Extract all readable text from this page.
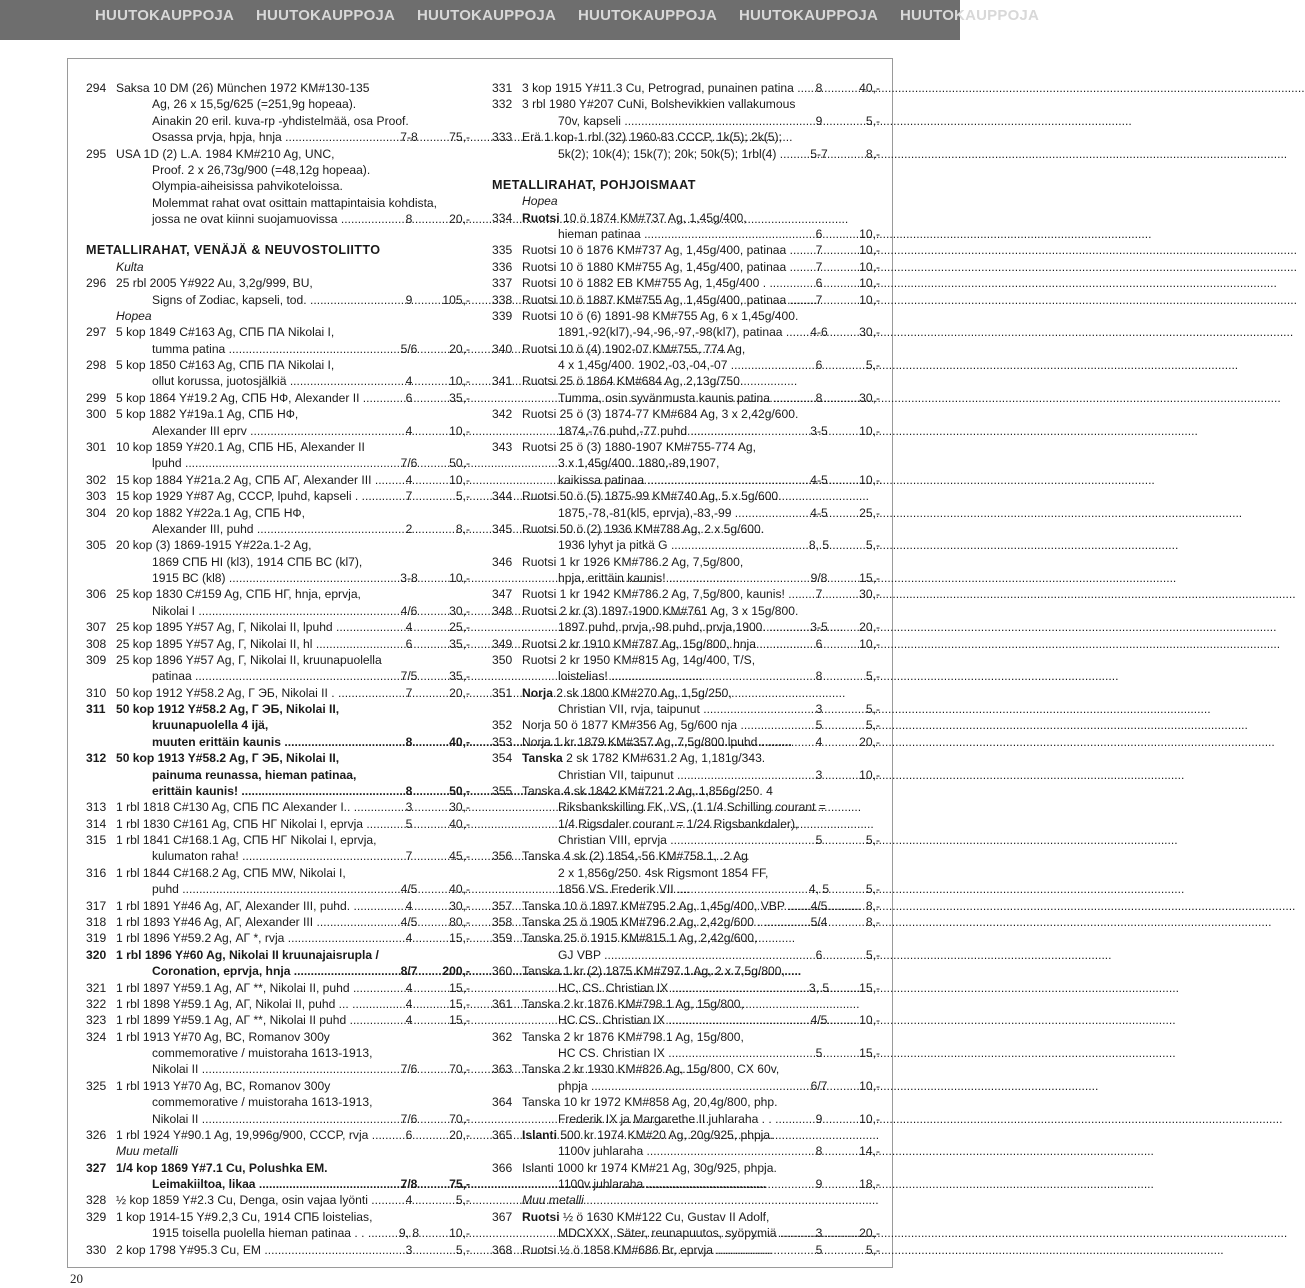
HUUTOKAUPPOJA HUUTOKAUPPOJA HUUTOKAUPPOJA HUUTOKAUPPOJA HUUTOKAUPPOJA HUUTOKAUPPOJA
294 Saksa 10 DM (26) München 1972 KM#130-135
Ag, 26 x 15,5g/625 (=251,9g hopeaa).
Ainakin 20 eril. kuva-rp -yhdistelmää, osa Proof.
Osassa prvja, hpja, hnja .....	7-8	75,-
295 USA 1D (2) L.A. 1984 KM#210 Ag, UNC,
Proof. 2 x 26,73g/900 (=48,12g hopeaa).
Olympia-aiheisissa pahvikoteloissa.
Molemmat rahat ovat osittain mattapintaisia kohdista,
jossa ne ovat kiinni suojamuovissa .....	8	20,-
METALLIRAHAT, VENÄJÄ & NEUVOSTOLIITTO
Kulta
296 25 rbl 2005 Y#922 Au, 3,2g/999, BU,
Signs of Zodiac, kapseli, tod. .....	9	105,-
Hopea
297 5 kop 1849 C#163 Ag, СПБ ПА Nikolai I,
tumma patina .....	5/6	20,-
298 5 kop 1850 C#163 Ag, СПБ ПА Nikolai I,
ollut korussa, juotosjälkiä .....	4	10,-
299 5 kop 1864 Y#19.2 Ag, СПБ НФ, Alexander II .....	6	35,-
300 5 kop 1882 Y#19a.1 Ag, СПБ НФ,
Alexander III eprv .....	4	10,-
301 10 kop 1859 Y#20.1 Ag, СПБ НБ, Alexander II
lpuhd .....	7/6	50,-
302 15 kop 1884 Y#21a.2 Ag, СПБ АГ, Alexander III .....	4	10,-
303 15 kop 1929 Y#87 Ag, CCCP, lpuhd, kapseli . .....	7	5,-
304 20 kop 1882 Y#22a.1 Ag, СПБ НФ,
Alexander III, puhd .....	2	8,-
305 20 kop (3) 1869-1915 Y#22a.1-2 Ag,
1869 СПБ HI (kl3), 1914 СПБ ВС (kl7),
1915 ВС (kl8) .....	3-8	10,-
306 25 kop 1830 C#159 Ag, СПБ НГ, hnja, eprvja,
Nikolai I .....	4/6	30,-
307 25 kop 1895 Y#57 Ag, Г, Nikolai II, lpuhd .....	4	25,-
308 25 kop 1895 Y#57 Ag, Г, Nikolai II, hl .....	6	35,-
309 25 kop 1896 Y#57 Ag, Г, Nikolai II, kruunapuolella
patinaa .....	7/5	35,-
310 50 kop 1912 Y#58.2 Ag, Г ЭБ, Nikolai II . .....	7	20,-
311 50 kop 1912 Y#58.2 Ag, Г ЭБ, Nikolai II,
kruunapuolella 4 ijä,
muuten erittäin kaunis .....	8	40,-
312 50 kop 1913 Y#58.2 Ag, Г ЭБ, Nikolai II,
painuma reunassa, hieman patinaa,
erittäin kaunis! .....	8	50,-
313 1 rbl 1818 C#130 Ag, СПБ ПС Alexander I.. .....	3	30,-
314 1 rbl 1830 C#161 Ag, СПБ НГ Nikolai I, eprvja .....	5	40,-
315 1 rbl 1841 C#168.1 Ag, СПБ НГ Nikolai I, eprvja,
kulumaton raha! .....	7	45,-
316 1 rbl 1844 C#168.2 Ag, СПБ MW, Nikolai I,
puhd .....	4/5	40,-
317 1 rbl 1891 Y#46 Ag, АГ, Alexander III, puhd. .....	4	30,-
318 1 rbl 1893 Y#46 Ag, АГ, Alexander III .....	4/5	80,-
319 1 rbl 1896 Y#59.2 Ag, АГ *, rvja .....	4	15,-
320 1 rbl 1896 Y#60 Ag, Nikolai II kruunajaisrupla /
Coronation, eprvja, hnja .....	8/7	200,-
321 1 rbl 1897 Y#59.1 Ag, АГ **, Nikolai II, puhd .....	4	15,-
322 1 rbl 1898 Y#59.1 Ag, АГ, Nikolai II, puhd ... .....	4	15,-
323 1 rbl 1899 Y#59.1 Ag, АГ **, Nikolai II puhd .....	4	15,-
324 1 rbl 1913 Y#70 Ag, ВС, Romanov 300y
commemorative / muistoraha 1613-1913,
Nikolai II .....	7/6	70,-
325 1 rbl 1913 Y#70 Ag, BC, Romanov 300y
commemorative / muistoraha 1613-1913,
Nikolai II .....	7/6	70,-
326 1 rbl 1924 Y#90.1 Ag, 19,996g/900, CCCP, rvja .....	6	20,-
Muu metalli
327 1/4 kop 1869 Y#7.1 Cu, Polushka EM.
Leimakiiltoa, likaa .....	7/8	75,-
328 ½ kop 1859 Y#2.3 Cu, Denga, osin vajaa lyönti .....	4	5,-
329 1 kop 1914-15 Y#9.2,3 Cu, 1914 СПБ loistelias,
1915 toisella puolella hieman patinaa . . .....	9, 8	10,-
330 2 kop 1798 Y#95.3 Cu, EM .....	3	5,-
331 3 kop 1915 Y#11.3 Cu, Petrograd, punainen patina .....	8	40,-
332 3 rbl 1980 Y#207 CuNi, Bolshevikkien vallakumous
70v, kapseli .....	9	5,-
333 Erä 1 kop-1 rbl (32) 1960-83 CCCP, 1k(5); 2k(5);
5k(2); 10k(4); 15k(7); 20k; 50k(5); 1rbl(4) .....	5-7	8,-
METALLIRAHAT, POHJOISMAAT
Hopea
334 Ruotsi 10 ö 1874 KM#737 Ag, 1,45g/400,
hieman patinaa .....	6	10,-
335 Ruotsi 10 ö 1876 KM#737 Ag, 1,45g/400, patinaa .....	7	10,-
336 Ruotsi 10 ö 1880 KM#755 Ag, 1,45g/400, patinaa .....	7	10,-
337 Ruotsi 10 ö 1882 EB KM#755 Ag, 1,45g/400 . .....	6	10,-
338 Ruotsi 10 ö 1887 KM#755 Ag, 1,45g/400, patinaa .....	7	10,-
339 Ruotsi 10 ö (6) 1891-98 KM#755 Ag, 6 x 1,45g/400.
1891,-92(kl7),-94,-96,-97,-98(kl7), patinaa .....	4-6	30,-
340 Ruotsi 10 ö (4) 1902-07 KM#755, 774 Ag,
4 x 1,45g/400. 1902,-03,-04,-07 .....	6	5,-
341 Ruotsi 25 ö 1864 KM#684 Ag, 2,13g/750.
Tumma, osin syvänmusta kaunis patina .....	8	30,-
342 Ruotsi 25 ö (3) 1874-77 KM#684 Ag, 3 x 2,42g/600.
1874,-76 puhd,-77 puhd .....	3-5	10,-
343 Ruotsi 25 ö (3) 1880-1907 KM#755-774 Ag,
3 x 1,45g/400. 1880,-89,1907,
kaikissa patinaa .....	4-5	10,-
344 Ruotsi 50 ö (5) 1875-99 KM#740 Ag, 5 x 5g/600.
1875,-78,-81(kl5, eprvja),-83,-99 .....	4-5	25,-
345 Ruotsi 50 ö (2) 1936 KM#788 Ag, 2 x 5g/600.
1936 lyhyt ja pitkä G .....	8, 5	5,-
346 Ruotsi 1 kr 1926 KM#786.2 Ag, 7,5g/800,
hpja, erittäin kaunis! .....	9/8	15,-
347 Ruotsi 1 kr 1942 KM#786.2 Ag, 7,5g/800, kaunis! .....	7	30,-
348 Ruotsi 2 kr (3) 1897-1900 KM#761 Ag, 3 x 15g/800.
1897 puhd, prvja,-98 puhd, prvja,1900. .....	3-5	20,-
349 Ruotsi 2 kr 1910 KM#787 Ag, 15g/800, hnja . . .....	6	10,-
350 Ruotsi 2 kr 1950 KM#815 Ag, 14g/400, T/S,
loistelias! .....	8	5,-
351 Norja 2 sk 1800 KM#270 Ag, 1,5g/250,
Christian VII, rvja, taipunut .....	3	5,-
352 Norja 50 ö 1877 KM#356 Ag, 5g/600 nja .....	5	5,-
353 Norja 1 kr 1879 KM#357 Ag, 7,5g/800 lpuhd . .....	4	20,-
354 Tanska 2 sk 1782 KM#631.2 Ag, 1,181g/343.
Christian VII, taipunut .....	3	10,-
355 Tanska 4 sk 1842 KM#721.2 Ag, 1,856g/250. 4
Riksbankskilling FK, VS, (1 1/4 Schilling courant =
1/4 Rigsdaler courant = 1/24 Rigsbankdaler),
Christian VIII, eprvja .....	5	5,-
356 Tanska 4 sk (2) 1854,-56 KM#758.1, .2 Ag
2 x 1,856g/250. 4sk Rigsmont 1854 FF,
1856 VS. Frederik VII .....	4, 5	5,-
357 Tanska 10 ö 1897 KM#795.2 Ag, 1,45g/400, VBP .....	4/5	8,-
358 Tanska 25 ö 1905 KM#796.2 Ag, 2,42g/600 . .....	5/4	8,-
359 Tanska 25 ö 1915 KM#815.1 Ag, 2,42g/600,
GJ VBP .....	6	5,-
360 Tanska 1 kr (2) 1875 KM#797.1 Ag, 2 x 7,5g/800,
HC, CS. Christian IX .....	3, 5	15,-
361 Tanska 2 kr 1876 KM#798.1 Ag, 15g/800,
HC CS. Christian IX .....	4/5	10,-
362 Tanska 2 kr 1876 KM#798.1 Ag, 15g/800,
HC CS. Christian IX .....	5	15,-
363 Tanska 2 kr 1930 KM#826 Ag, 15g/800, CX 60v,
phpja .....	6/7	10,-
364 Tanska 10 kr 1972 KM#858 Ag, 20,4g/800, php.
Frederik IX ja Margarethe II juhlaraha . . .....	9	10,-
365 Islanti 500 kr 1974 KM#20 Ag, 20g/925, phpja.
1100v juhlaraha .....	8	14,-
366 Islanti 1000 kr 1974 KM#21 Ag, 30g/925, phpja.
1100v juhlaraha .....	9	18,-
Muu metalli
367 Ruotsi ½ ö 1630 KM#122 Cu, Gustav II Adolf,
MDCXXX, Säter, reunapuutos, syöpymiä .....	3	20,-
368 Ruotsi ½ ö 1858 KM#686 Br, eprvja .....	5	5,-
20
